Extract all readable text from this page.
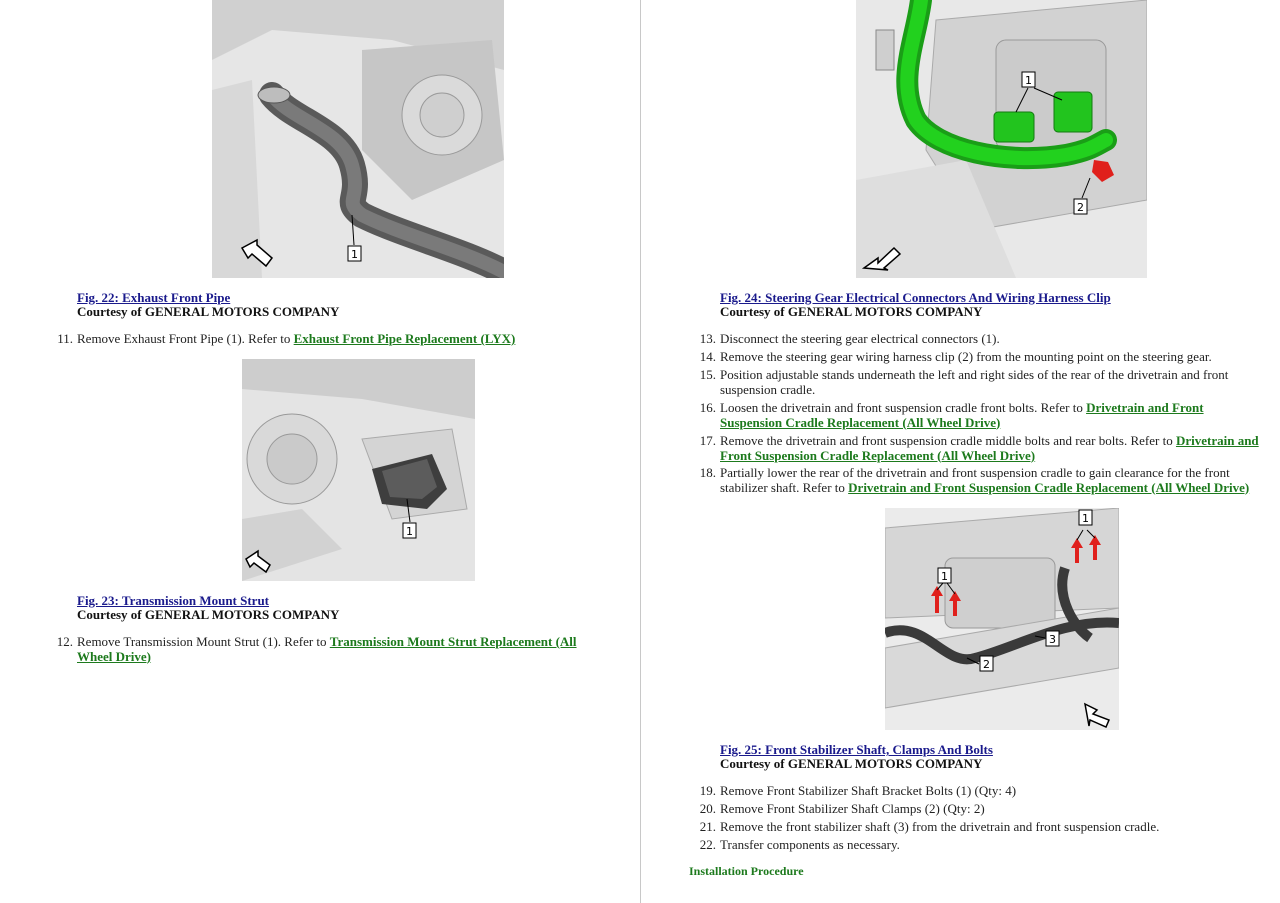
1
Fig. 22: Exhaust Front Pipe
Courtesy of GENERAL MOTORS COMPANY
11. Remove Exhaust Front Pipe (1). Refer to Exhaust Front Pipe Replacement (LYX)
1
Fig. 23: Transmission Mount Strut
Courtesy of GENERAL MOTORS COMPANY
12. Remove Transmission Mount Strut (1). Refer to Transmission Mount Strut Replacement (All Wheel Drive)
1
2
Fig. 24: Steering Gear Electrical Connectors And Wiring Harness Clip
Courtesy of GENERAL MOTORS COMPANY
13. Disconnect the steering gear electrical connectors (1).
14. Remove the steering gear wiring harness clip (2) from the mounting point on the steering gear.
15. Position adjustable stands underneath the left and right sides of the rear of the drivetrain and front suspension cradle.
16. Loosen the drivetrain and front suspension cradle front bolts. Refer to Drivetrain and Front Suspension Cradle Replacement (All Wheel Drive)
17. Remove the drivetrain and front suspension cradle middle bolts and rear bolts. Refer to Drivetrain and Front Suspension Cradle Replacement (All Wheel Drive)
18. Partially lower the rear of the drivetrain and front suspension cradle to gain clearance for the front stabilizer shaft. Refer to Drivetrain and Front Suspension Cradle Replacement (All Wheel Drive)
1
1
2
3
Fig. 25: Front Stabilizer Shaft, Clamps And Bolts
Courtesy of GENERAL MOTORS COMPANY
19. Remove Front Stabilizer Shaft Bracket Bolts (1) (Qty: 4)
20. Remove Front Stabilizer Shaft Clamps (2) (Qty: 2)
21. Remove the front stabilizer shaft (3) from the drivetrain and front suspension cradle.
22. Transfer components as necessary.
Installation Procedure
